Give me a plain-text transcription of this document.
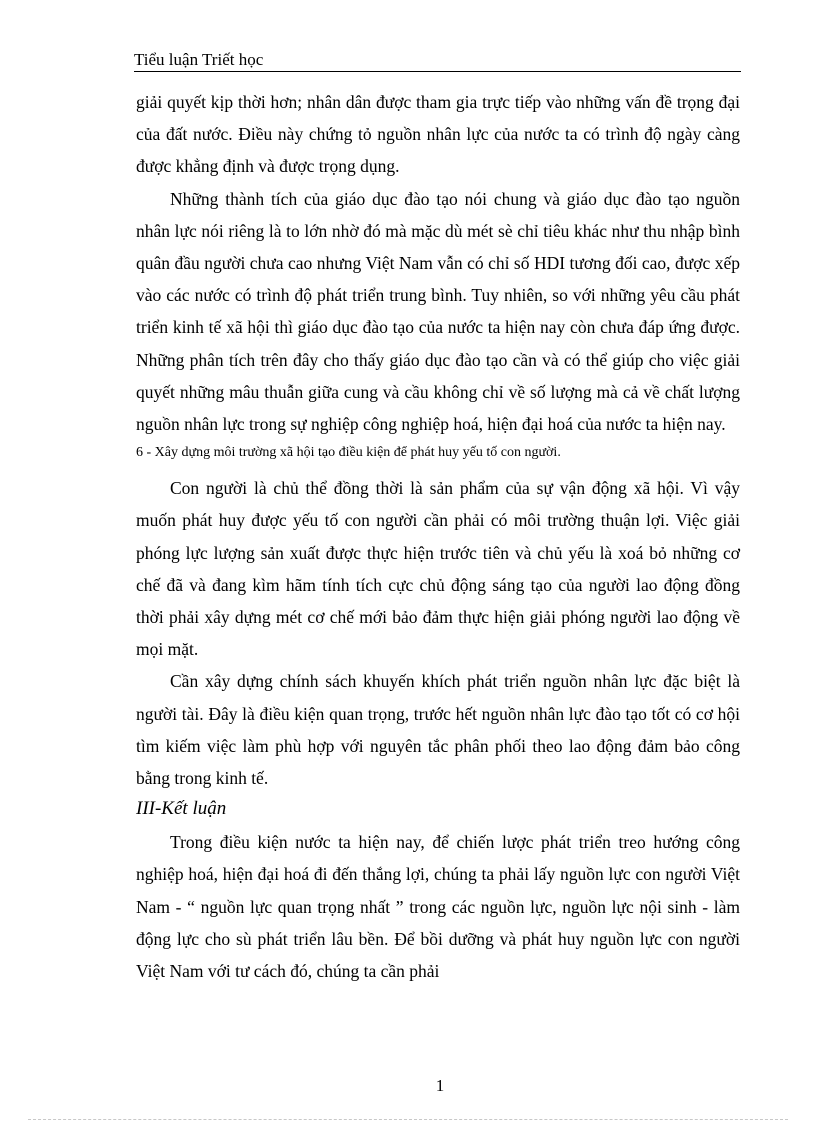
Tiểu luận Triết học

giải quyết kịp thời hơn; nhân dân được tham gia trực tiếp vào những vấn đề trọng đại của đất nước. Điều này chứng tỏ nguồn nhân lực của nước ta có trình độ ngày càng được khẳng định và được trọng dụng.

Những thành tích của giáo dục đào tạo nói chung và giáo dục đào tạo nguồn nhân lực nói riêng là to lớn nhờ đó mà mặc dù mét sè chỉ tiêu khác như thu nhập bình quân đầu người chưa cao nhưng Việt Nam vẫn có chỉ số HDI tương đối cao, được xếp vào các nước có trình độ phát triển trung bình. Tuy nhiên, so với những yêu cầu phát triển kinh tế xã hội thì giáo dục đào tạo của nước ta hiện nay còn chưa đáp ứng được. Những phân tích trên đây cho thấy giáo dục đào tạo cần và có thể giúp cho việc giải quyết những mâu thuẫn giữa cung và cầu không chỉ về số lượng mà cả về chất lượng nguồn nhân lực trong sự nghiệp công nghiệp hoá, hiện đại hoá của nước ta hiện nay.

6 - Xây dựng môi trường xã hội tạo điều kiện để phát huy yếu tố con người.

Con người là chủ thể đồng thời là sản phẩm của sự vận động xã hội. Vì vậy muốn phát huy được yếu tố con người cần phải có môi trường thuận lợi. Việc giải phóng lực lượng sản xuất được thực hiện trước tiên và chủ yếu là xoá bỏ những cơ chế đã và đang kìm hãm tính tích cực chủ động sáng tạo của người lao động đồng thời phải xây dựng mét cơ chế mới bảo đảm thực hiện giải phóng người lao động về mọi mặt.

Cần xây dựng chính sách khuyến khích phát triển nguồn nhân lực đặc biệt là người tài. Đây là điều kiện quan trọng, trước hết nguồn nhân lực đào tạo tốt có cơ hội tìm kiếm việc làm phù hợp với nguyên tắc phân phối theo lao động đảm bảo công bằng trong kinh tế.

III-Kết luận

Trong điều kiện nước ta hiện nay, để chiến lược phát triển treo hướng công nghiệp hoá, hiện đại hoá đi đến thắng lợi, chúng ta phải lấy nguồn lực con người Việt Nam - “ nguồn lực quan trọng nhất ” trong các nguồn lực, nguồn lực nội sinh - làm động lực cho sù phát triển lâu bền. Để bồi dưỡng và phát huy nguồn lực con người Việt Nam với tư cách đó, chúng ta cần phải

1
